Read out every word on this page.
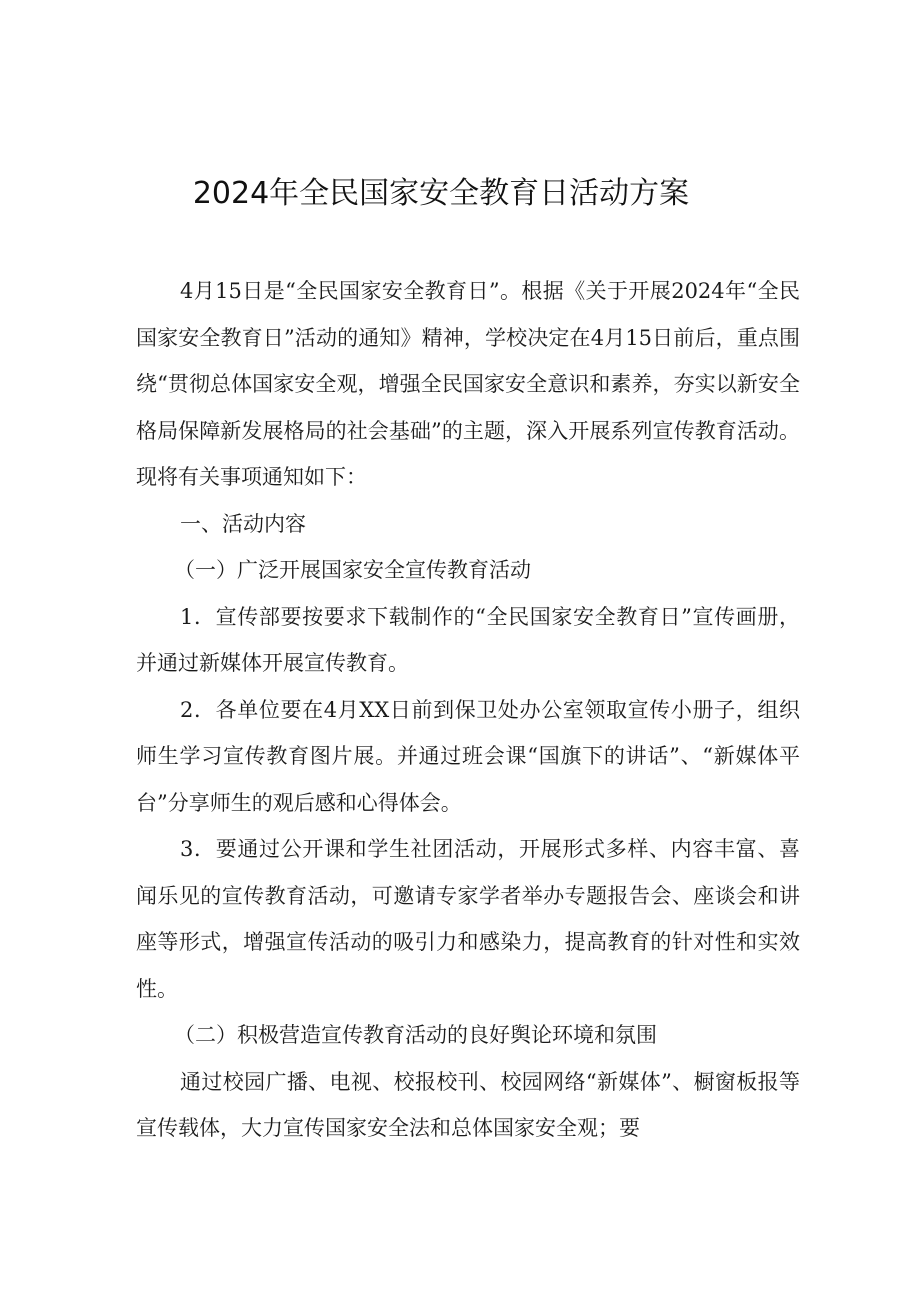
2024年全民国家安全教育日活动方案

4月15日是“全民国家安全教育日”。根据《关于开展2024年“全民国家安全教育日”活动的通知》精神，学校决定在4月15日前后，重点围绕“贯彻总体国家安全观，增强全民国家安全意识和素养，夯实以新安全格局保障新发展格局的社会基础”的主题，深入开展系列宣传教育活动。现将有关事项通知如下：

一、活动内容

（一）广泛开展国家安全宣传教育活动

1．宣传部要按要求下载制作的“全民国家安全教育日”宣传画册，并通过新媒体开展宣传教育。

2．各单位要在4月XX日前到保卫处办公室领取宣传小册子，组织师生学习宣传教育图片展。并通过班会课“国旗下的讲话”、“新媒体平台”分享师生的观后感和心得体会。

3．要通过公开课和学生社团活动，开展形式多样、内容丰富、喜闻乐见的宣传教育活动，可邀请专家学者举办专题报告会、座谈会和讲座等形式，增强宣传活动的吸引力和感染力，提高教育的针对性和实效性。

（二）积极营造宣传教育活动的良好舆论环境和氛围

通过校园广播、电视、校报校刊、校园网络“新媒体”、橱窗板报等宣传载体，大力宣传国家安全法和总体国家安全观；要
